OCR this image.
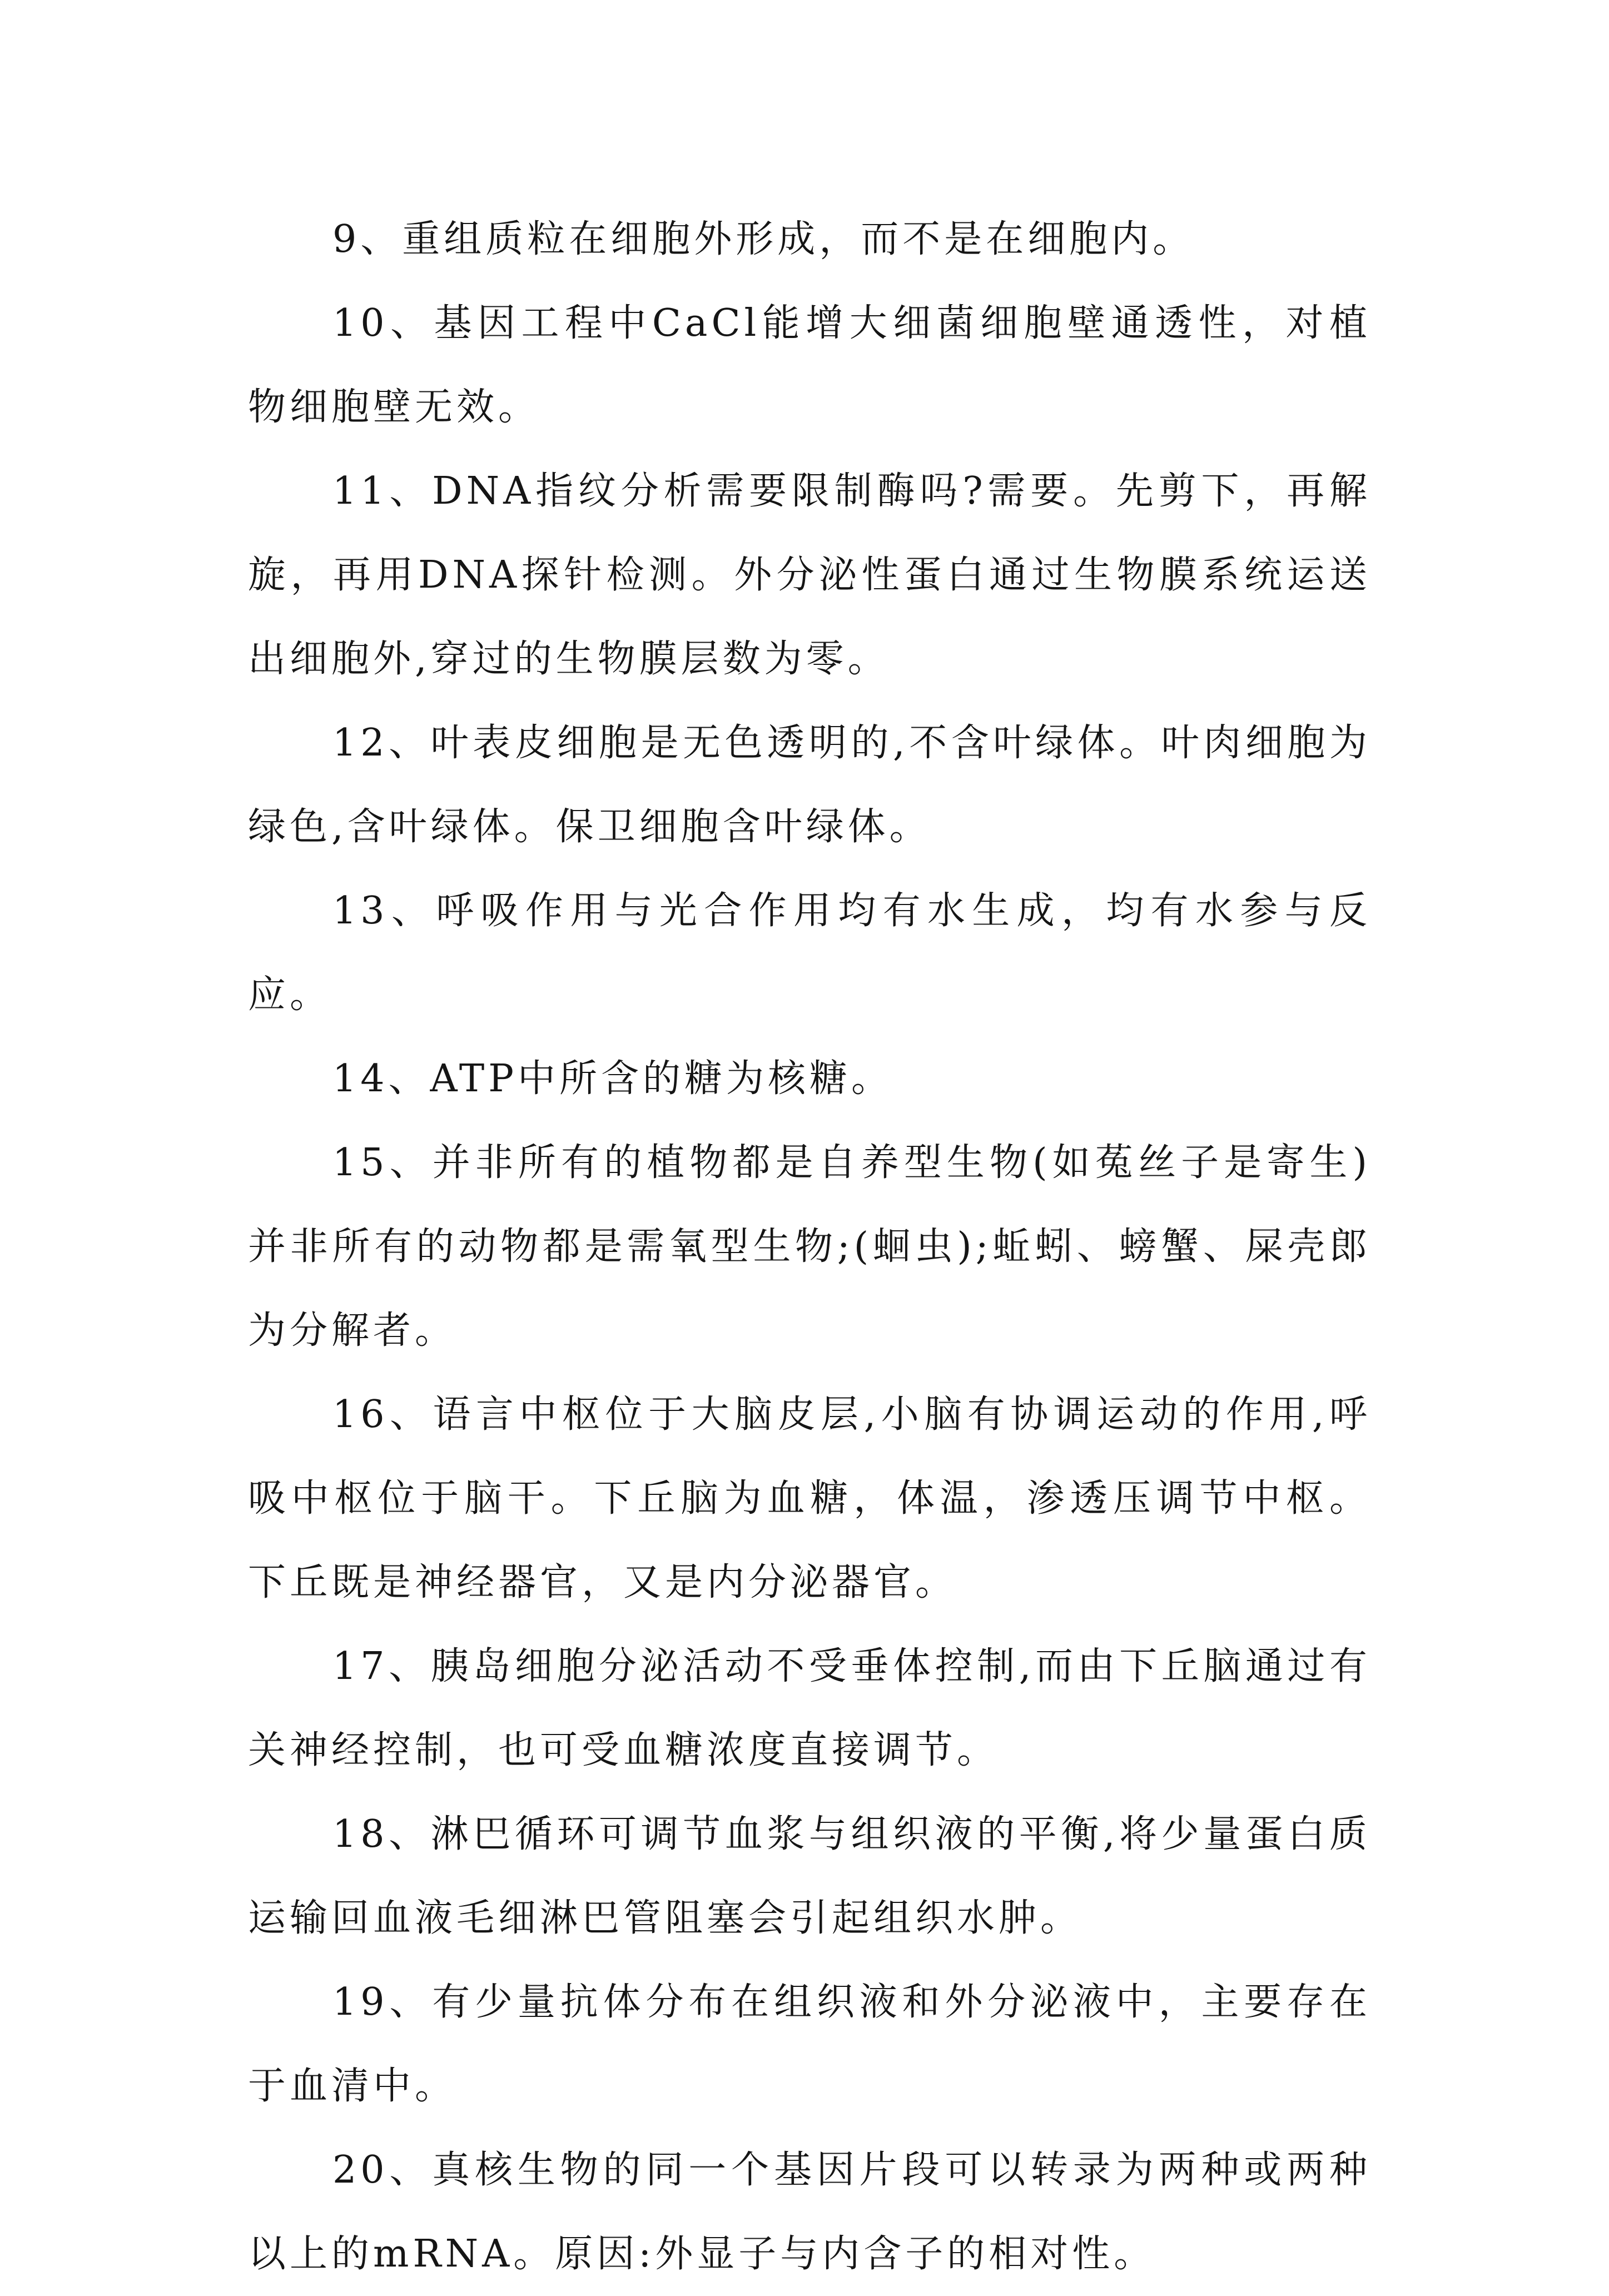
9、重组质粒在细胞外形成，而不是在细胞内。

10、基因工程中CaCl能增大细菌细胞壁通透性，对植物细胞壁无效。

11、DNA指纹分析需要限制酶吗?需要。先剪下，再解旋，再用DNA探针检测。外分泌性蛋白通过生物膜系统运送出细胞外,穿过的生物膜层数为零。

12、叶表皮细胞是无色透明的,不含叶绿体。叶肉细胞为绿色,含叶绿体。保卫细胞含叶绿体。

13、呼吸作用与光合作用均有水生成，均有水参与反应。

14、ATP中所含的糖为核糖。

15、并非所有的植物都是自养型生物(如菟丝子是寄生)并非所有的动物都是需氧型生物;(蛔虫);蚯蚓、螃蟹、屎壳郎为分解者。

16、语言中枢位于大脑皮层,小脑有协调运动的作用,呼吸中枢位于脑干。下丘脑为血糖，体温，渗透压调节中枢。下丘既是神经器官，又是内分泌器官。

17、胰岛细胞分泌活动不受垂体控制,而由下丘脑通过有关神经控制，也可受血糖浓度直接调节。

18、淋巴循环可调节血浆与组织液的平衡,将少量蛋白质运输回血液毛细淋巴管阻塞会引起组织水肿。

19、有少量抗体分布在组织液和外分泌液中，主要存在于血清中。

20、真核生物的同一个基因片段可以转录为两种或两种以上的mRNA。原因:外显子与内含子的相对性。
